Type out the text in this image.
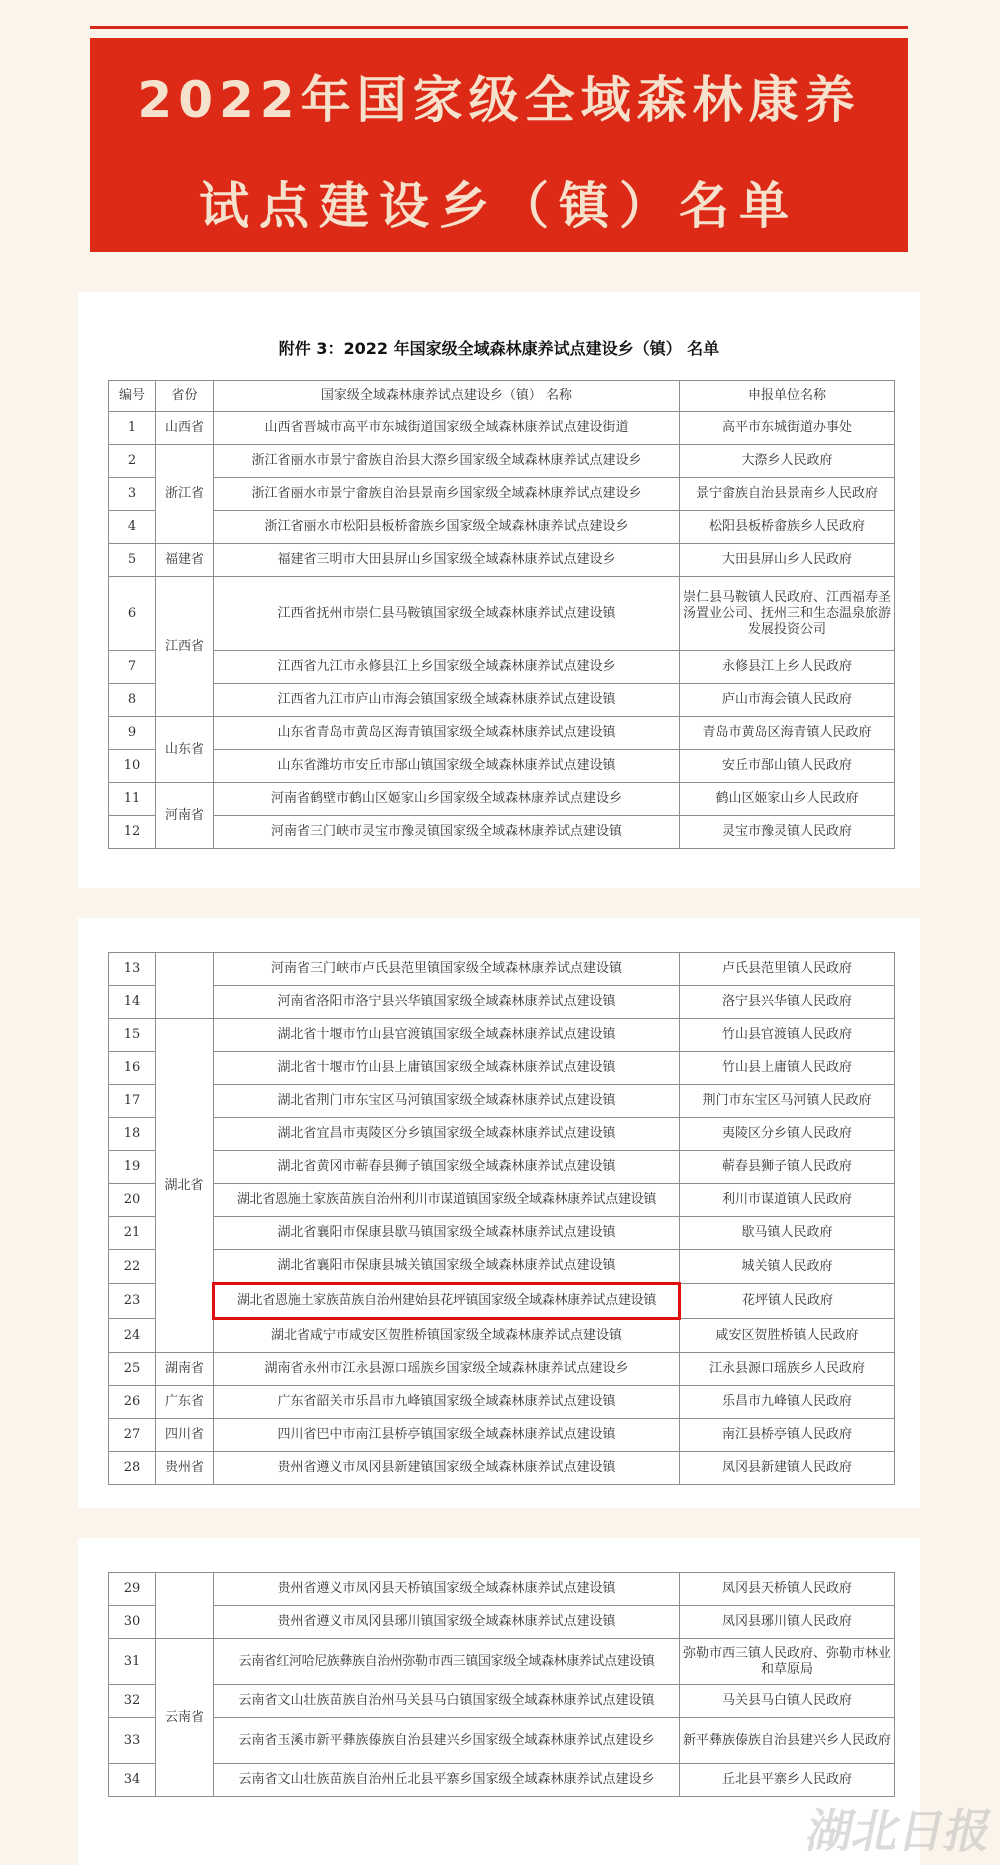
2022年国家级全域森林康养
试点建设乡（镇）名单
附件 3：2022 年国家级全域森林康养试点建设乡（镇） 名单
编号	省份	国家级全域森林康养试点建设乡（镇） 名称	申报单位名称
1	山西省	山西省晋城市高平市东城街道国家级全域森林康养试点建设街道	高平市东城街道办事处
2	浙江省	浙江省丽水市景宁畲族自治县大漈乡国家级全域森林康养试点建设乡	大漈乡人民政府
3		浙江省丽水市景宁畲族自治县景南乡国家级全域森林康养试点建设乡	景宁畲族自治县景南乡人民政府
4		浙江省丽水市松阳县板桥畲族乡国家级全域森林康养试点建设乡	松阳县板桥畲族乡人民政府
5	福建省	福建省三明市大田县屏山乡国家级全域森林康养试点建设乡	大田县屏山乡人民政府
6	江西省	江西省抚州市崇仁县马鞍镇国家级全域森林康养试点建设镇	崇仁县马鞍镇人民政府、江西福寿圣汤置业公司、抚州三和生态温泉旅游发展投资公司
7		江西省九江市永修县江上乡国家级全域森林康养试点建设乡	永修县江上乡人民政府
8		江西省九江市庐山市海会镇国家级全域森林康养试点建设镇	庐山市海会镇人民政府
9	山东省	山东省青岛市黄岛区海青镇国家级全域森林康养试点建设镇	青岛市黄岛区海青镇人民政府
10		山东省潍坊市安丘市郚山镇国家级全域森林康养试点建设镇	安丘市郚山镇人民政府
11	河南省	河南省鹤壁市鹤山区姬家山乡国家级全域森林康养试点建设乡	鹤山区姬家山乡人民政府
12		河南省三门峡市灵宝市豫灵镇国家级全域森林康养试点建设镇	灵宝市豫灵镇人民政府
13		河南省三门峡市卢氏县范里镇国家级全域森林康养试点建设镇	卢氏县范里镇人民政府
14		河南省洛阳市洛宁县兴华镇国家级全域森林康养试点建设镇	洛宁县兴华镇人民政府
15	湖北省	湖北省十堰市竹山县官渡镇国家级全域森林康养试点建设镇	竹山县官渡镇人民政府
16		湖北省十堰市竹山县上庸镇国家级全域森林康养试点建设镇	竹山县上庸镇人民政府
17		湖北省荆门市东宝区马河镇国家级全域森林康养试点建设镇	荆门市东宝区马河镇人民政府
18		湖北省宜昌市夷陵区分乡镇国家级全域森林康养试点建设镇	夷陵区分乡镇人民政府
19		湖北省黄冈市蕲春县狮子镇国家级全域森林康养试点建设镇	蕲春县狮子镇人民政府
20		湖北省恩施土家族苗族自治州利川市谋道镇国家级全域森林康养试点建设镇	利川市谋道镇人民政府
21		湖北省襄阳市保康县歇马镇国家级全域森林康养试点建设镇	歇马镇人民政府
22		湖北省襄阳市保康县城关镇国家级全域森林康养试点建设镇	城关镇人民政府
23		湖北省恩施土家族苗族自治州建始县花坪镇国家级全域森林康养试点建设镇	花坪镇人民政府
24		湖北省咸宁市咸安区贺胜桥镇国家级全域森林康养试点建设镇	咸安区贺胜桥镇人民政府
25	湖南省	湖南省永州市江永县源口瑶族乡国家级全域森林康养试点建设乡	江永县源口瑶族乡人民政府
26	广东省	广东省韶关市乐昌市九峰镇国家级全域森林康养试点建设镇	乐昌市九峰镇人民政府
27	四川省	四川省巴中市南江县桥亭镇国家级全域森林康养试点建设镇	南江县桥亭镇人民政府
28	贵州省	贵州省遵义市凤冈县新建镇国家级全域森林康养试点建设镇	凤冈县新建镇人民政府
29		贵州省遵义市凤冈县天桥镇国家级全域森林康养试点建设镇	凤冈县天桥镇人民政府
30		贵州省遵义市凤冈县琊川镇国家级全域森林康养试点建设镇	凤冈县琊川镇人民政府
31	云南省	云南省红河哈尼族彝族自治州弥勒市西三镇国家级全域森林康养试点建设镇	弥勒市西三镇人民政府、弥勒市林业和草原局
32		云南省文山壮族苗族自治州马关县马白镇国家级全域森林康养试点建设镇	马关县马白镇人民政府
33		云南省玉溪市新平彝族傣族自治县建兴乡国家级全域森林康养试点建设乡	新平彝族傣族自治县建兴乡人民政府
34		云南省文山壮族苗族自治州丘北县平寨乡国家级全域森林康养试点建设乡	丘北县平寨乡人民政府
湖北日报
